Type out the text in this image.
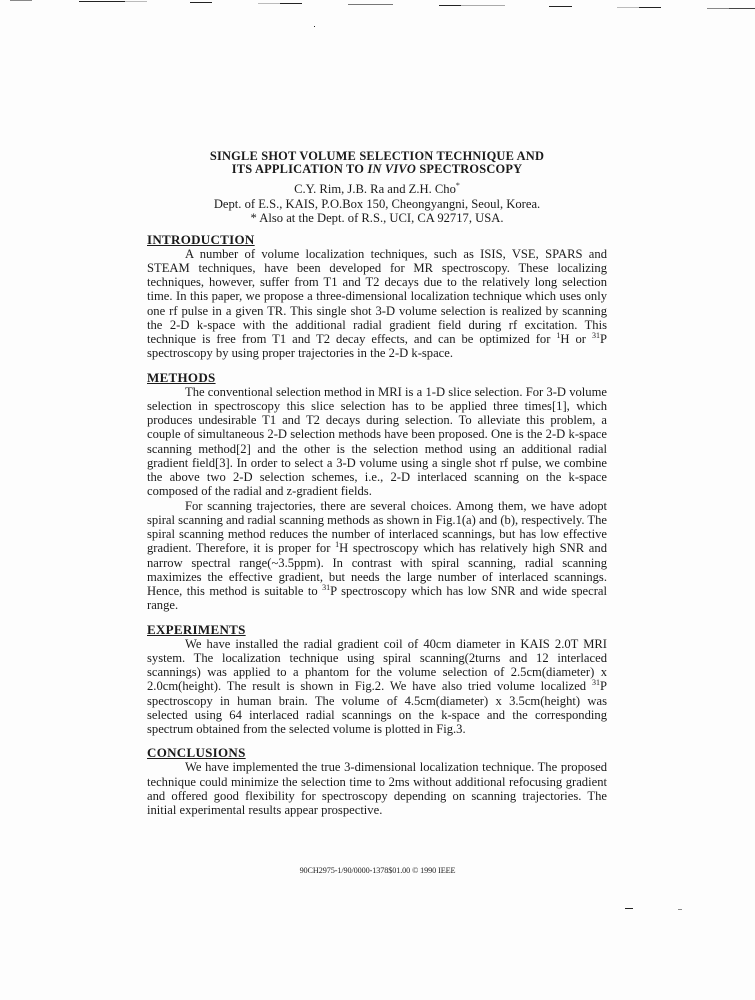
SINGLE SHOT VOLUME SELECTION TECHNIQUE AND
ITS APPLICATION TO IN VIVO SPECTROSCOPY
C.Y. Rim, J.B. Ra and Z.H. Cho*
Dept. of E.S., KAIS, P.O.Box 150, Cheongyangni, Seoul, Korea.
* Also at the Dept. of R.S., UCI, CA 92717, USA.
INTRODUCTION

A number of volume localization techniques, such as ISIS, VSE, SPARS and STEAM techniques, have been developed for MR spectroscopy. These localizing techniques, however, suffer from T1 and T2 decays due to the relatively long selection time. In this paper, we propose a three-dimensional localization technique which uses only one rf pulse in a given TR. This single shot 3-D volume selection is realized by scanning the 2-D k-space with the additional radial gradient field during rf excitation. This technique is free from T1 and T2 decay effects, and can be optimized for $^1$H or $^{31}$P spectroscopy by using proper trajectories in the 2-D k-space.

METHODS

The conventional selection method in MRI is a 1-D slice selection. For 3-D volume selection in spectroscopy this slice selection has to be applied three times[1], which produces undesirable T1 and T2 decays during selection. To alleviate this problem, a couple of simultaneous 2-D selection methods have been proposed. One is the 2-D k-space scanning method[2] and the other is the selection method using an additional radial gradient field[3]. In order to select a 3-D volume using a single shot rf pulse, we combine the above two 2-D selection schemes, i.e., 2-D interlaced scanning on the k-space composed of the radial and z-gradient fields.

For scanning trajectories, there are several choices. Among them, we have adopt spiral scanning and radial scanning methods as shown in Fig.1(a) and (b), respectively. The spiral scanning method reduces the number of interlaced scannings, but has low effective gradient. Therefore, it is proper for $^1$H spectroscopy which has relatively high SNR and narrow spectral range(~3.5ppm). In contrast with spiral scanning, radial scanning maximizes the effective gradient, but needs the large number of interlaced scannings. Hence, this method is suitable to $^{31}$P spectroscopy which has low SNR and wide specral range.

EXPERIMENTS

We have installed the radial gradient coil of 40cm diameter in KAIS 2.0T MRI system. The localization technique using spiral scanning(2turns and 12 interlaced scannings) was applied to a phantom for the volume selection of 2.5cm(diameter) x 2.0cm(height). The result is shown in Fig.2. We have also tried volume localized $^{31}$P spectroscopy in human brain. The volume of 4.5cm(diameter) x 3.5cm(height) was selected using 64 interlaced radial scannings on the k-space and the corresponding spectrum obtained from the selected volume is plotted in Fig.3.

CONCLUSIONS

We have implemented the true 3-dimensional localization technique. The proposed technique could minimize the selection time to 2ms without additional refocusing gradient and offered good flexibility for spectroscopy depending on scanning trajectories. The initial experimental results appear prospective.

90CH2975-1/90/0000-1378$01.00 © 1990 IEEE
